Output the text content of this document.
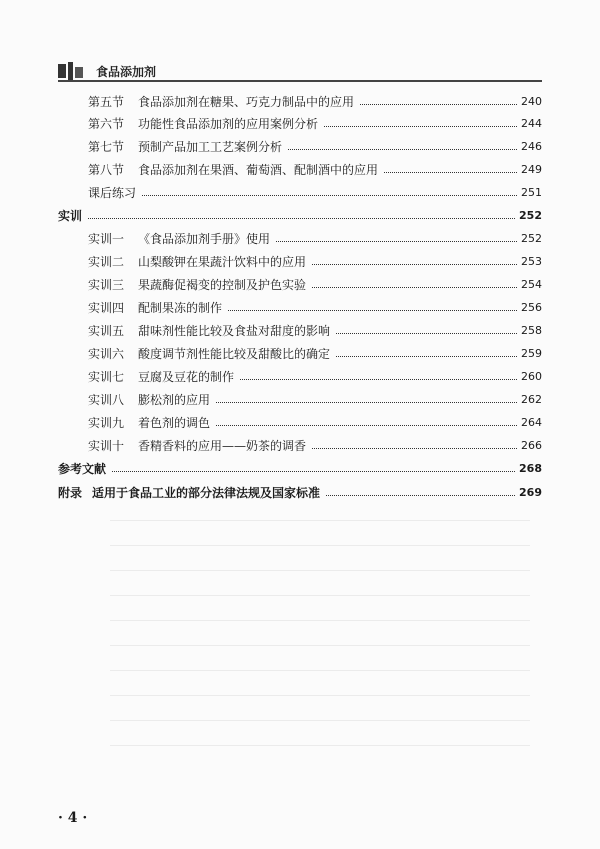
食品添加剂
第五节 食品添加剂在糖果、巧克力制品中的应用	240
第六节 功能性食品添加剂的应用案例分析	244
第七节 预制产品加工工艺案例分析	246
第八节 食品添加剂在果酒、葡萄酒、配制酒中的应用	249
课后练习	251
实训	252
实训一 《食品添加剂手册》使用	252
实训二 山梨酸钾在果蔬汁饮料中的应用	253
实训三 果蔬酶促褐变的控制及护色实验	254
实训四 配制果冻的制作	256
实训五 甜味剂性能比较及食盐对甜度的影响	258
实训六 酸度调节剂性能比较及甜酸比的确定	259
实训七 豆腐及豆花的制作	260
实训八 膨松剂的应用	262
实训九 着色剂的调色	264
实训十 香精香料的应用——奶茶的调香	266
参考文献	268
附录 适用于食品工业的部分法律法规及国家标准	269
· 4 ·
